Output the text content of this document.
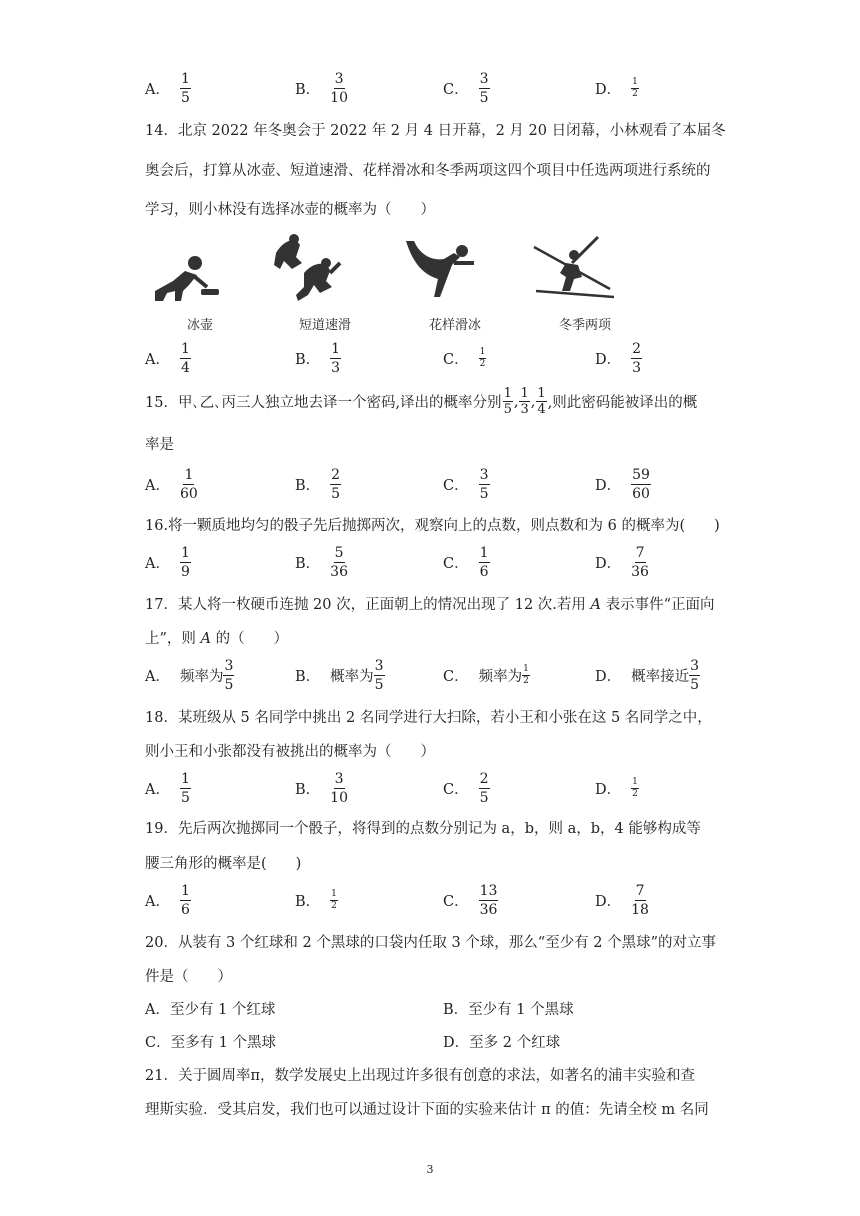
A． $\frac{1}{5}$	B． $\frac{3}{10}$	C． $\frac{3}{5}$	D． $\frac{1}{2}$
14．北京 2022 年冬奥会于 2022 年 2 月 4 日开幕，2 月 20 日闭幕，小林观看了本届冬
奥会后，打算从冰壶、短道速滑、花样滑冰和冬季两项这四个项目中任选两项进行系统的
学习，则小林没有选择冰壶的概率为（　　）
冰壶	短道速滑	花样滑冰	冬季两项
A． $\frac{1}{4}$	B． $\frac{1}{3}$	C． $\frac{1}{2}$	D． $\frac{2}{3}$
15．甲､乙､丙三人独立地去译一个密码,译出的概率分别 $\frac{1}{5}$ , $\frac{1}{3}$ , $\frac{1}{4}$ ,则此密码能被译出的概
率是
A． $\frac{1}{60}$	B． $\frac{2}{5}$	C． $\frac{3}{5}$	D． $\frac{59}{60}$
16.将一颗质地均匀的骰子先后抛掷两次，观察向上的点数，则点数和为 6 的概率为(　　)
A． $\frac{1}{9}$	B． $\frac{5}{36}$	C． $\frac{1}{6}$	D． $\frac{7}{36}$
17．某人将一枚硬币连抛 20 次，正面朝上的情况出现了 12 次.若用 A 表示事件“正面向
上”，则 A 的（　　）
A． 频率为 $\frac{3}{5}$	B． 概率为 $\frac{3}{5}$	C． 频率为 $\frac{1}{2}$	D． 概率接近 $\frac{3}{5}$
18．某班级从 5 名同学中挑出 2 名同学进行大扫除，若小王和小张在这 5 名同学之中，
则小王和小张都没有被挑出的概率为（　　）
A． $\frac{1}{5}$	B． $\frac{3}{10}$	C． $\frac{2}{5}$	D． $\frac{1}{2}$
19．先后两次抛掷同一个骰子，将得到的点数分别记为 a，b，则 a，b，4 能够构成等
腰三角形的概率是(　　)
A． $\frac{1}{6}$	B． $\frac{1}{2}$	C． $\frac{13}{36}$	D． $\frac{7}{18}$
20．从装有 3 个红球和 2 个黑球的口袋内任取 3 个球，那么“至少有 2 个黑球”的对立事
件是（　　）
A．至少有 1 个红球	B．至少有 1 个黑球
C．至多有 1 个黑球	D．至多 2 个红球
21．关于圆周率π，数学发展史上出现过许多很有创意的求法，如著名的浦丰实验和查
理斯实验．受其启发，我们也可以通过设计下面的实验来估计 π 的值：先请全校 m 名同
3
